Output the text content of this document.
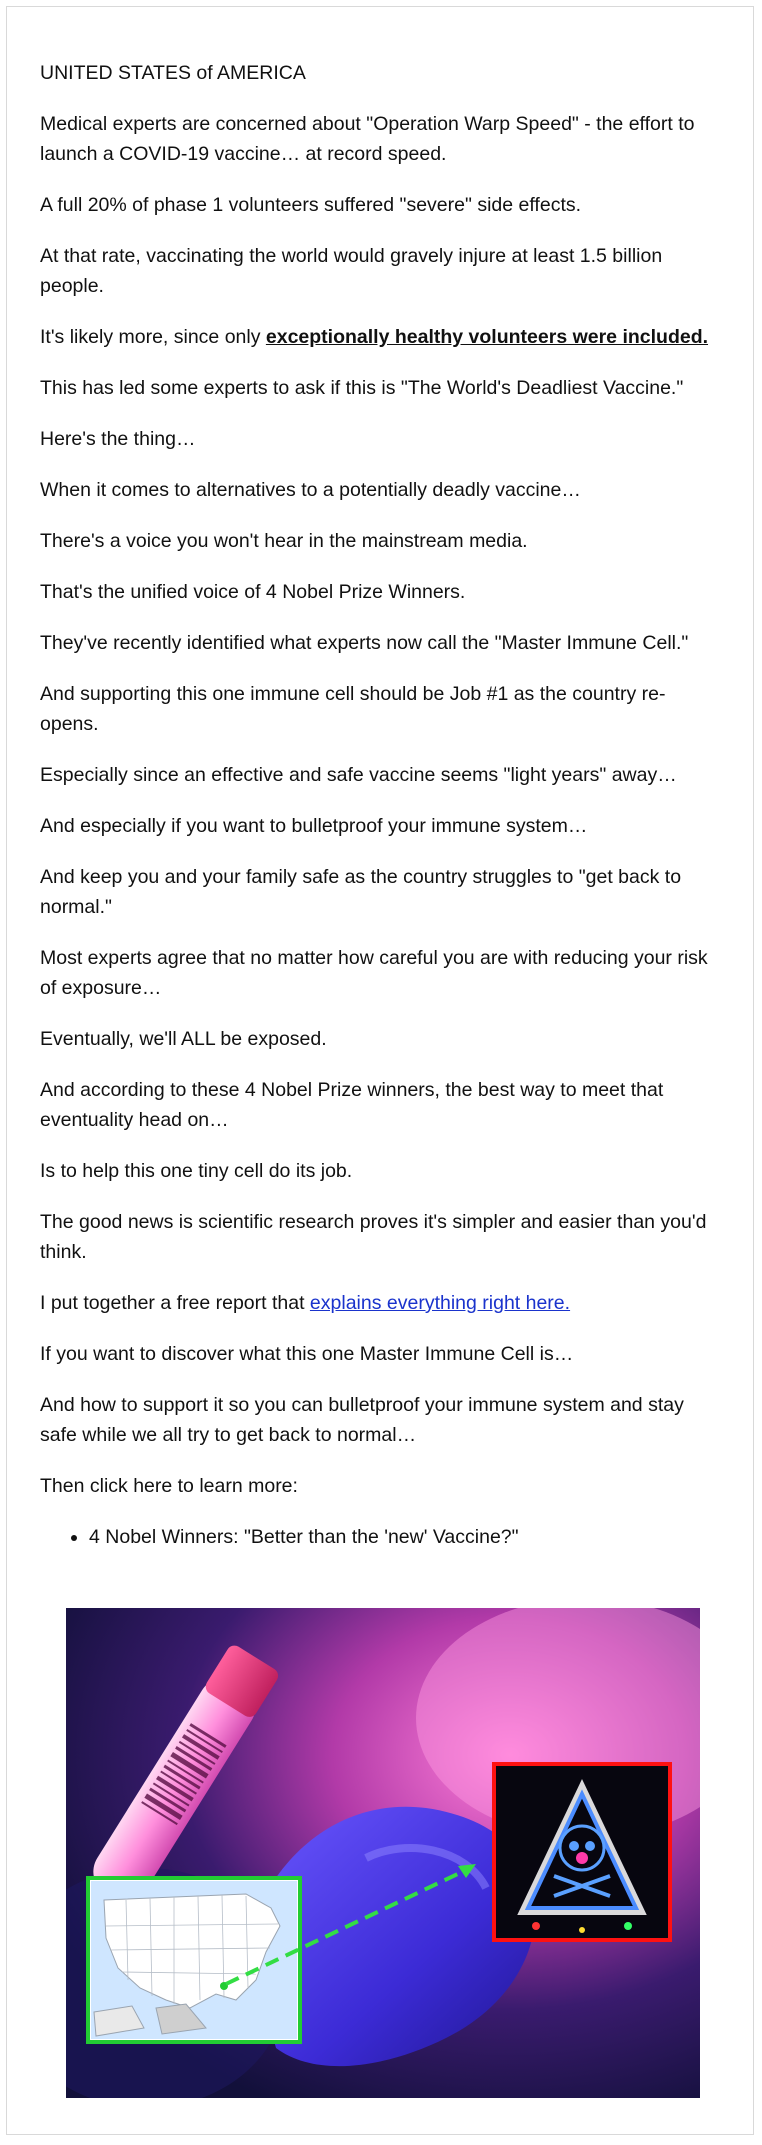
UNITED STATES of AMERICA

Medical experts are concerned about "Operation Warp Speed" - the effort to launch a COVID-19 vaccine… at record speed.

A full 20% of phase 1 volunteers suffered "severe" side effects.

At that rate, vaccinating the world would gravely injure at least 1.5 billion people.

It's likely more, since only exceptionally healthy volunteers were included.

This has led some experts to ask if this is "The World's Deadliest Vaccine."

Here's the thing…

When it comes to alternatives to a potentially deadly vaccine…

There's a voice you won't hear in the mainstream media.

That's the unified voice of 4 Nobel Prize Winners.

They've recently identified what experts now call the "Master Immune Cell."

And supporting this one immune cell should be Job #1 as the country re-opens.

Especially since an effective and safe vaccine seems "light years" away…

And especially if you want to bulletproof your immune system…

And keep you and your family safe as the country struggles to "get back to normal."

Most experts agree that no matter how careful you are with reducing your risk of exposure…

Eventually, we'll ALL be exposed.

And according to these 4 Nobel Prize winners, the best way to meet that eventuality head on…

Is to help this one tiny cell do its job.

The good news is scientific research proves it's simpler and easier than you'd think.

I put together a free report that explains everything right here.

If you want to discover what this one Master Immune Cell is…

And how to support it so you can bulletproof your immune system and stay safe while we all try to get back to normal…

Then click here to learn more:

• 4 Nobel Winners: "Better than the 'new' Vaccine?"
